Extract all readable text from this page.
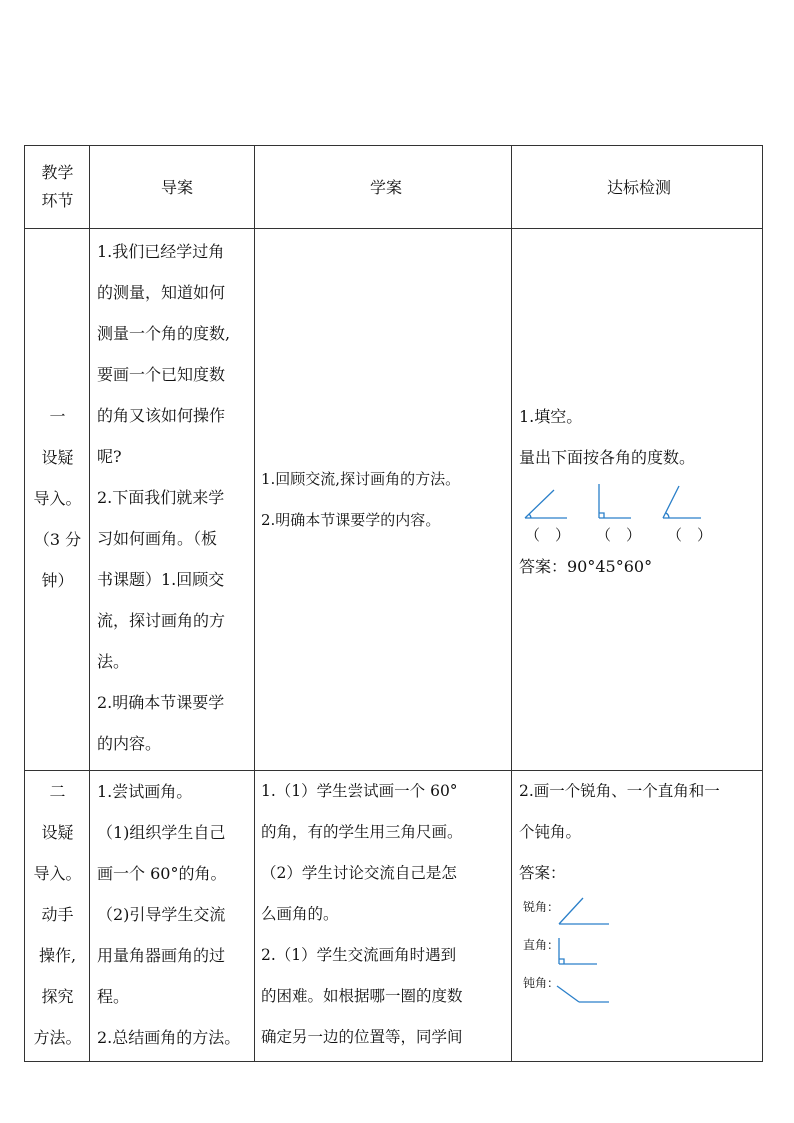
教学
环节
导案	学案	达标检测

一

设疑

导入。

（3 分

钟）

1.我们已经学过角

的测量，知道如何

测量一个角的度数,

要画一个已知度数

的角又该如何操作

呢?

2.下面我们就来学

习如何画角。（板

书课题）1.回顾交

流，探讨画角的方

法。

2.明确本节课要学

的内容。

1.回顾交流,探讨画角的方法。

2.明确本节课要学的内容。

1.填空。

量出下面按各角的度数。

（　） （　） （　）

答案：90°45°60°

二

设疑

导入。

动手

操作,

探究

方法。

1.尝试画角。

（1)组织学生自己

画一个 60°的角。

（2)引导学生交流

用量角器画角的过

程。

2.总结画角的方法。

1.（1）学生尝试画一个 60°

的角，有的学生用三角尺画。

（2）学生讨论交流自己是怎

么画角的。

2.（1）学生交流画角时遇到

的困难。如根据哪一圈的度数

确定另一边的位置等，同学间

2.画一个锐角、一个直角和一

个钝角。

答案：

锐角：
直角：
钝角：
